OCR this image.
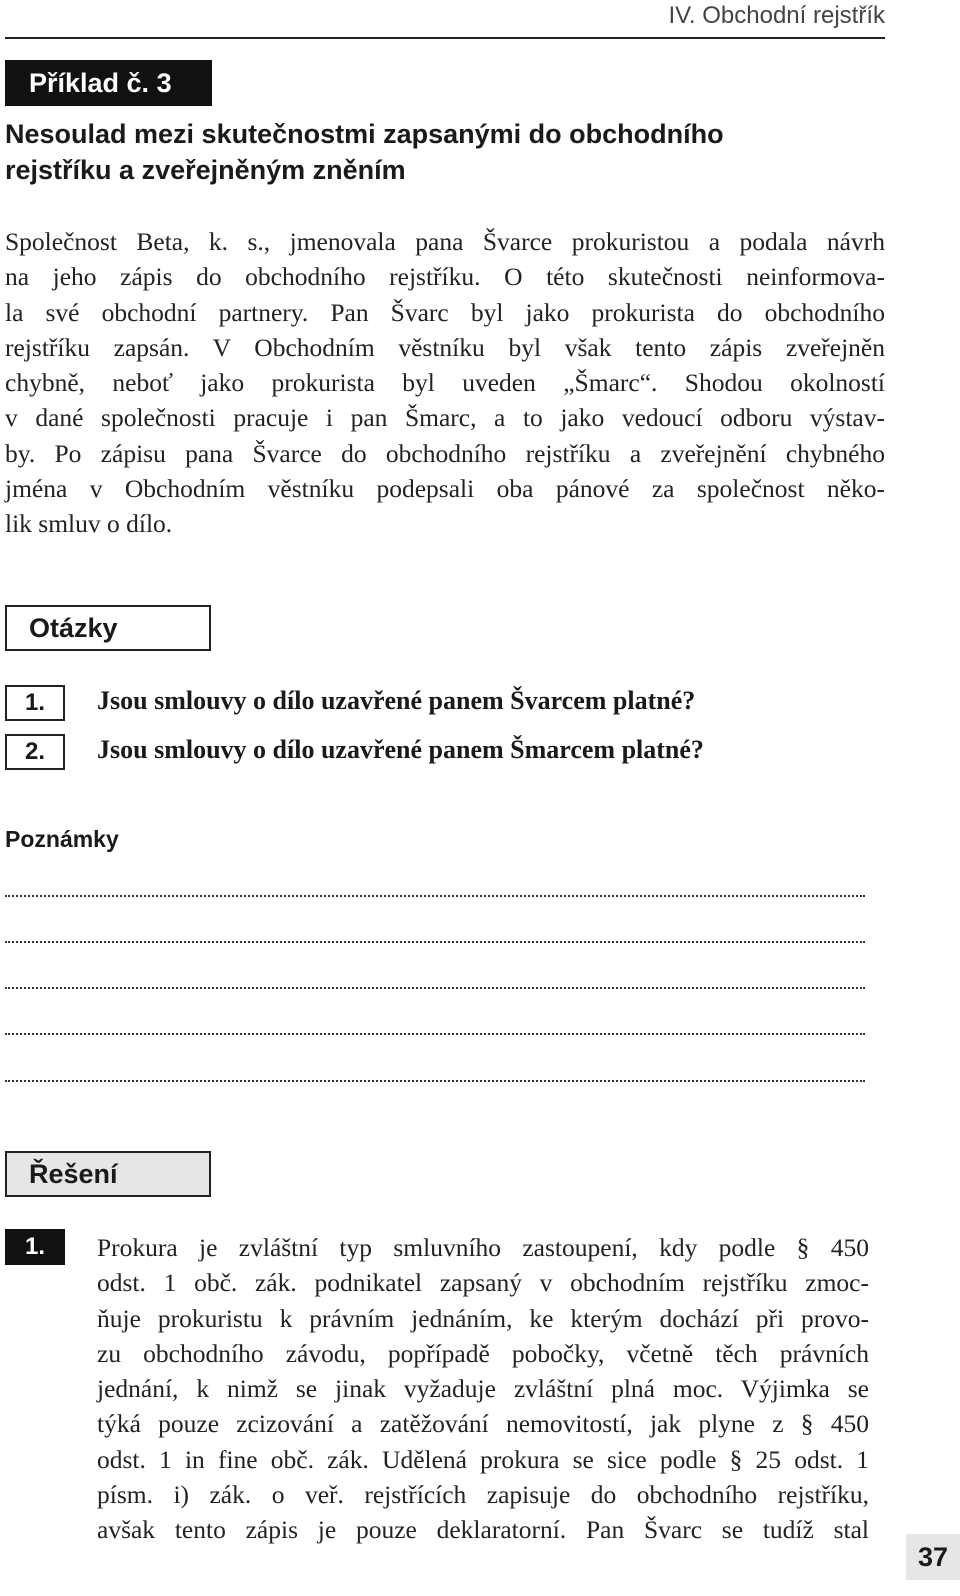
IV. Obchodní rejstřík
Příklad č. 3
Nesoulad mezi skutečnostmi zapsanými do obchodního
rejstříku a zveřejněným zněním

Společnost Beta, k. s., jmenovala pana Švarce prokuristou a podala návrh
na jeho zápis do obchodního rejstříku. O této skutečnosti neinformova-
la své obchodní partnery. Pan Švarc byl jako prokurista do obchodního
rejstříku zapsán. V Obchodním věstníku byl však tento zápis zveřejněn
chybně, neboť jako prokurista byl uveden „Šmarc“. Shodou okolností
v dané společnosti pracuje i pan Šmarc, a to jako vedoucí odboru výstav-
by. Po zápisu pana Švarce do obchodního rejstříku a zveřejnění chybného
jména v Obchodním věstníku podepsali oba pánové za společnost něko-
lik smluv o dílo.

Otázky
1.	Jsou smlouvy o dílo uzavřené panem Švarcem platné?
2.	Jsou smlouvy o dílo uzavřené panem Šmarcem platné?
Poznámky
Řešení
1.	Prokura je zvláštní typ smluvního zastoupení, kdy podle § 450
odst. 1 obč. zák. podnikatel zapsaný v obchodním rejstříku zmoc-
ňuje prokuristu k právním jednáním, ke kterým dochází při provo-
zu obchodního závodu, popřípadě pobočky, včetně těch právních
jednání, k nimž se jinak vyžaduje zvláštní plná moc. Výjimka se
týká pouze zcizování a zatěžování nemovitostí, jak plyne z § 450
odst. 1 in fine obč. zák. Udělená prokura se sice podle § 25 odst. 1
písm. i) zák. o veř. rejstřících zapisuje do obchodního rejstříku,
avšak tento zápis je pouze deklaratorní. Pan Švarc se tudíž stal

37
